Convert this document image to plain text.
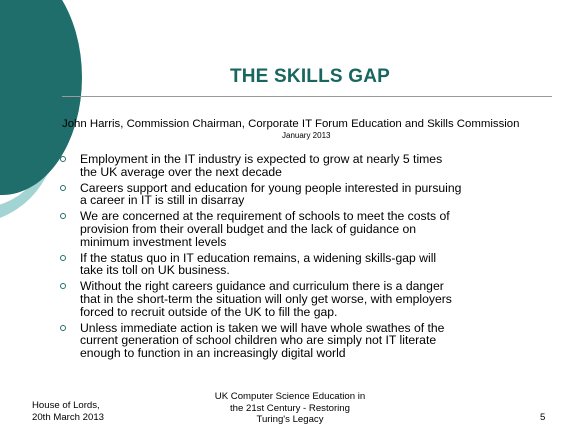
THE SKILLS GAP
John Harris, Commission Chairman, Corporate IT Forum Education and Skills Commission
January 2013
Employment in the IT industry is expected to grow at nearly 5 times
the UK average over the next decade
Careers support and education for young people interested in pursuing
a career in IT is still in disarray
We are concerned at the requirement of schools to meet the costs of
provision from their overall budget and the lack of guidance on
minimum investment levels
If the status quo in IT education remains, a widening skills-gap will
take its toll on UK business.
Without the right careers guidance and curriculum there is a danger
that in the short-term the situation will only get worse, with employers
forced to recruit outside of the UK to fill the gap.
Unless immediate action is taken we will have whole swathes of the
current generation of school children who are simply not IT literate
enough to function in an increasingly digital world
House of Lords,
20th March 2013
UK Computer Science Education in
the 21st Century - Restoring
Turing's Legacy	5
